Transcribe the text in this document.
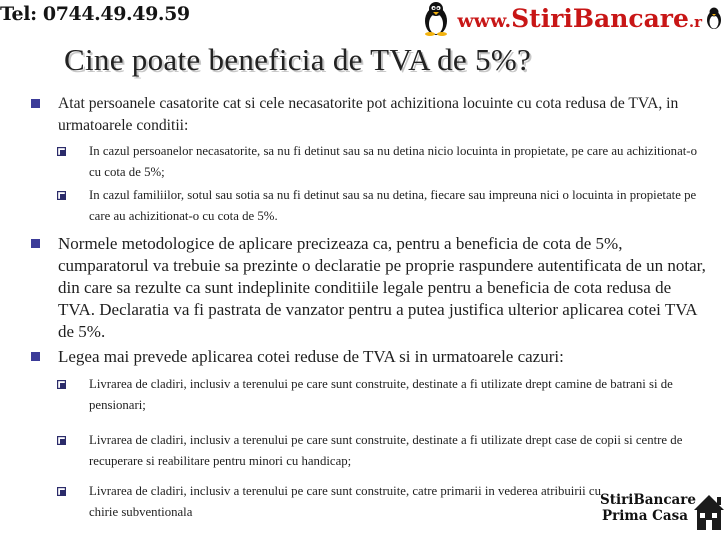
Tel: 0744.49.49.59	www.StiriBancare.r
Cine poate beneficia de TVA de 5%?
Atat persoanele casatorite cat si cele necasatorite pot achizitiona locuinte cu cota redusa de TVA, in urmatoarele conditii:
In cazul persoanelor necasatorite, sa nu fi detinut sau sa nu detina nicio locuinta in propietate, pe care au achizitionat-o cu cota de 5%;
In cazul familiilor, sotul sau sotia sa nu fi detinut sau sa nu detina, fiecare sau impreuna nici o locuinta in propietate pe care au achizitionat-o cu cota de 5%.
Normele metodologice de aplicare precizeaza ca, pentru a beneficia de cota de 5%, cumparatorul va trebuie sa prezinte o declaratie pe proprie raspundere autentificata de un notar, din care sa rezulte ca sunt indeplinite conditiile legale pentru a beneficia de cota redusa de TVA. Declaratia va fi pastrata de vanzator pentru a putea justifica ulterior aplicarea cotei TVA de 5%.
Legea mai prevede aplicarea cotei reduse de TVA si in urmatoarele cazuri:
Livrarea de cladiri, inclusiv a terenului pe care sunt construite, destinate a fi utilizate drept camine de batrani si de pensionari;
Livrarea de cladiri, inclusiv a terenului pe care sunt construite, destinate a fi utilizate drept case de copii si centre de recuperare si reabilitare pentru minori cu handicap;
Livrarea de cladiri, inclusiv a terenului pe care sunt construite, catre primarii in vederea atribuirii cu chirie subventionala
StiriBancare
Prima Casa
